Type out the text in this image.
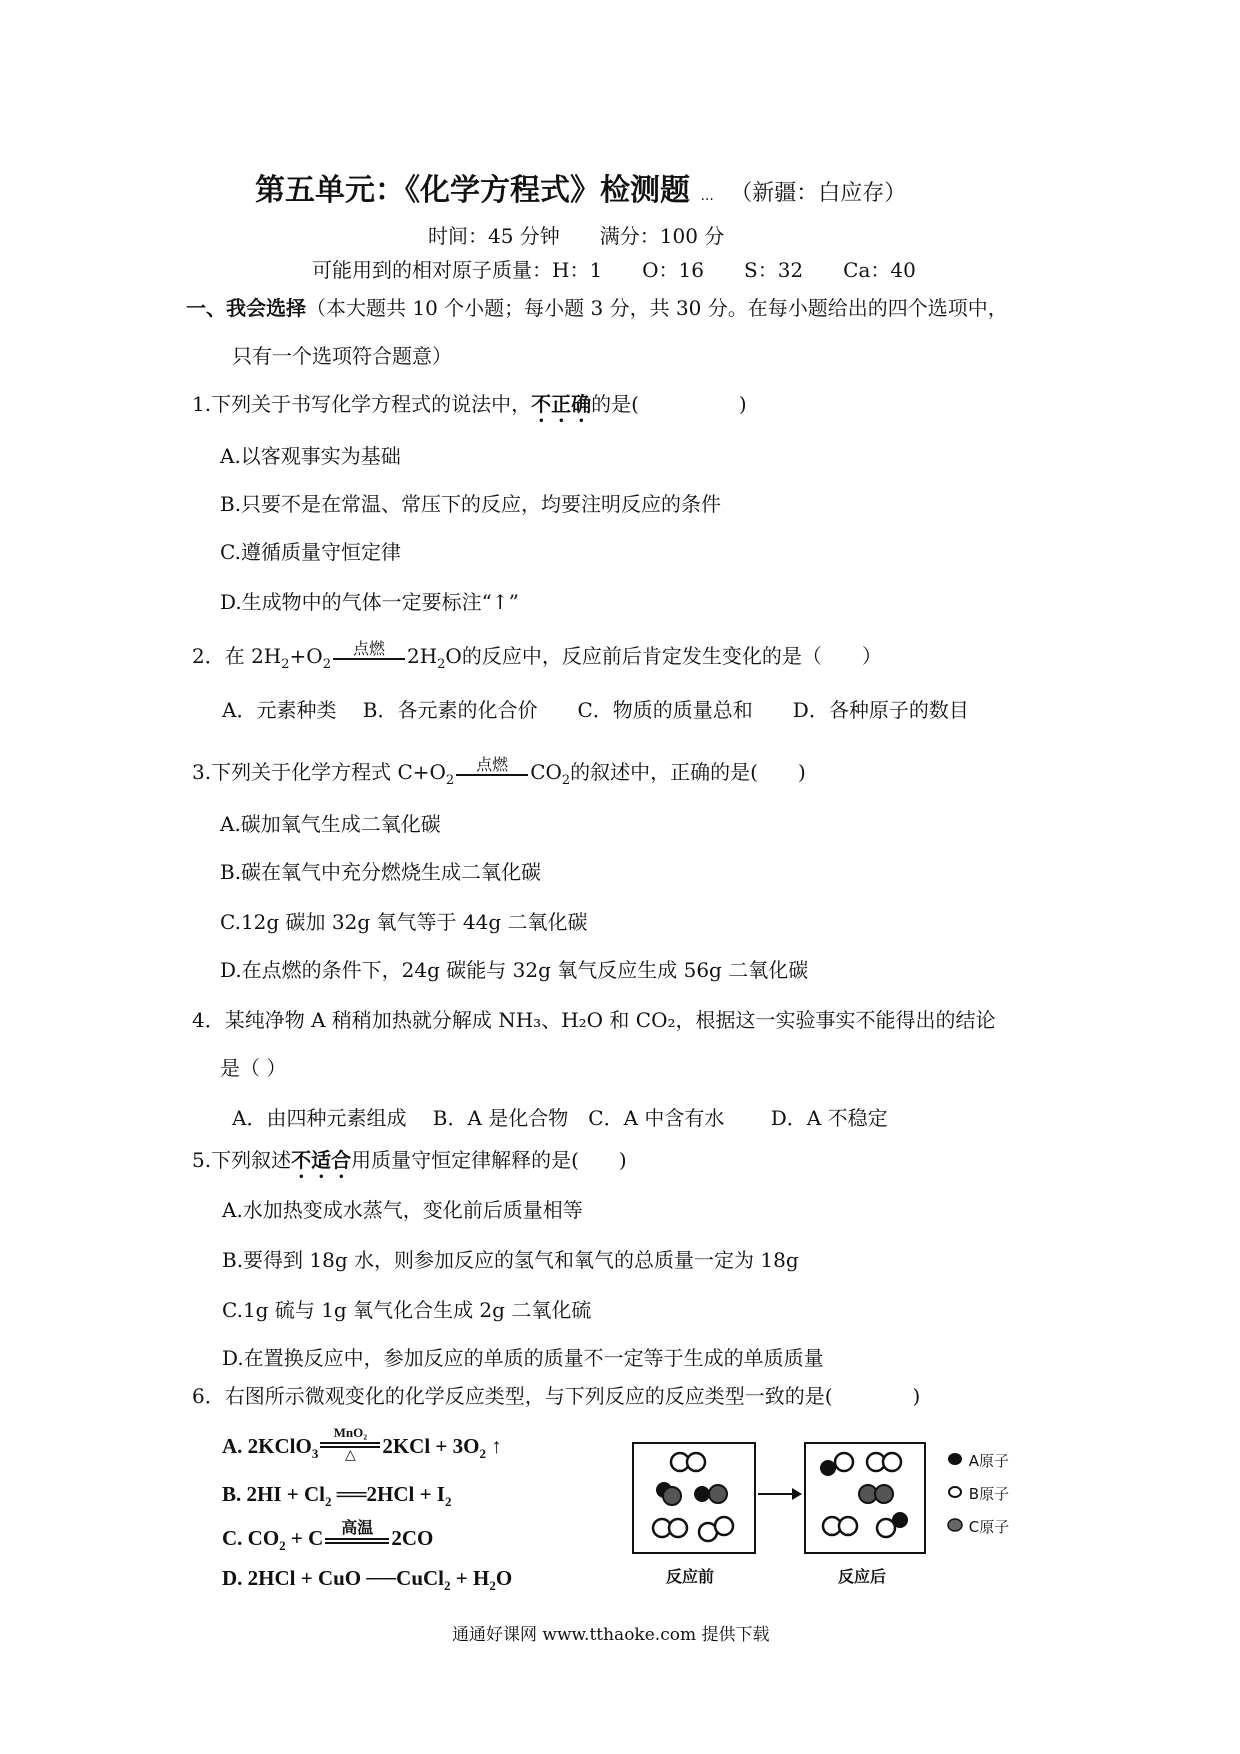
第五单元：《化学方程式》检测题 ... （新疆：白应存）
时间：45 分钟　　满分：100 分
可能用到的相对原子质量：H：1　　O：16　　S：32　　Ca：40
一、我会选择（本大题共 10 个小题；每小题 3 分，共 30 分。在每小题给出的四个选项中，
只有一个选项符合题意）
1.下列关于书写化学方程式的说法中，不正确的是(　　　　　)
A.以客观事实为基础
B.只要不是在常温、常压下的反应，均要注明反应的条件
C.遵循质量守恒定律
D.生成物中的气体一定要标注“↑”
2．在 $2H_2+O_2$
点燃	$2H_2O$的反应中，反应前后肯定发生变化的是（　　）
A．元素种类　 B．各元素的化合价　　C．物质的质量总和　　D．各种原子的数目
3.下列关于化学方程式 $C+O_2$
点燃	$CO_2$的叙述中，正确的是(　　)
A.碳加氧气生成二氧化碳
B.碳在氧气中充分燃烧生成二氧化碳
C.12g 碳加 32g 氧气等于 44g 二氧化碳
D.在点燃的条件下，24g 碳能与 32g 氧气反应生成 56g 二氧化碳
4．某纯净物 A 稍稍加热就分解成 NH₃、H₂O 和 CO₂，根据这一实验事实不能得出的结论
是（ ）
A．由四种元素组成　 B．A 是化合物　C．A 中含有水　　 D．A 不稳定
5.下列叙述不适合用质量守恒定律解释的是(　　)
A.水加热变成水蒸气，变化前后质量相等
B.要得到 18g 水，则参加反应的氢气和氧气的总质量一定为 18g
C.1g 硫与 1g 氧气化合生成 2g 二氧化硫
D.在置换反应中，参加反应的单质的质量不一定等于生成的单质质量
6．右图所示微观变化的化学反应类型，与下列反应的反应类型一致的是(　　　　)
A. 2KClO$_3$ $\frac{\text{MnO₂}}{\triangle} 2KCl + 3O_2$ ↑
B. $2HI + Cl_2$ ══2HCl + $I_2$
C. $CO_2 + C$	高温 2CO
D. 2HCl + CuO ──CuCl$_2$ + $H_2O$	反应前	反应后
A原子
B原子
C原子
通通好课网 www.tthaoke.com 提供下载
